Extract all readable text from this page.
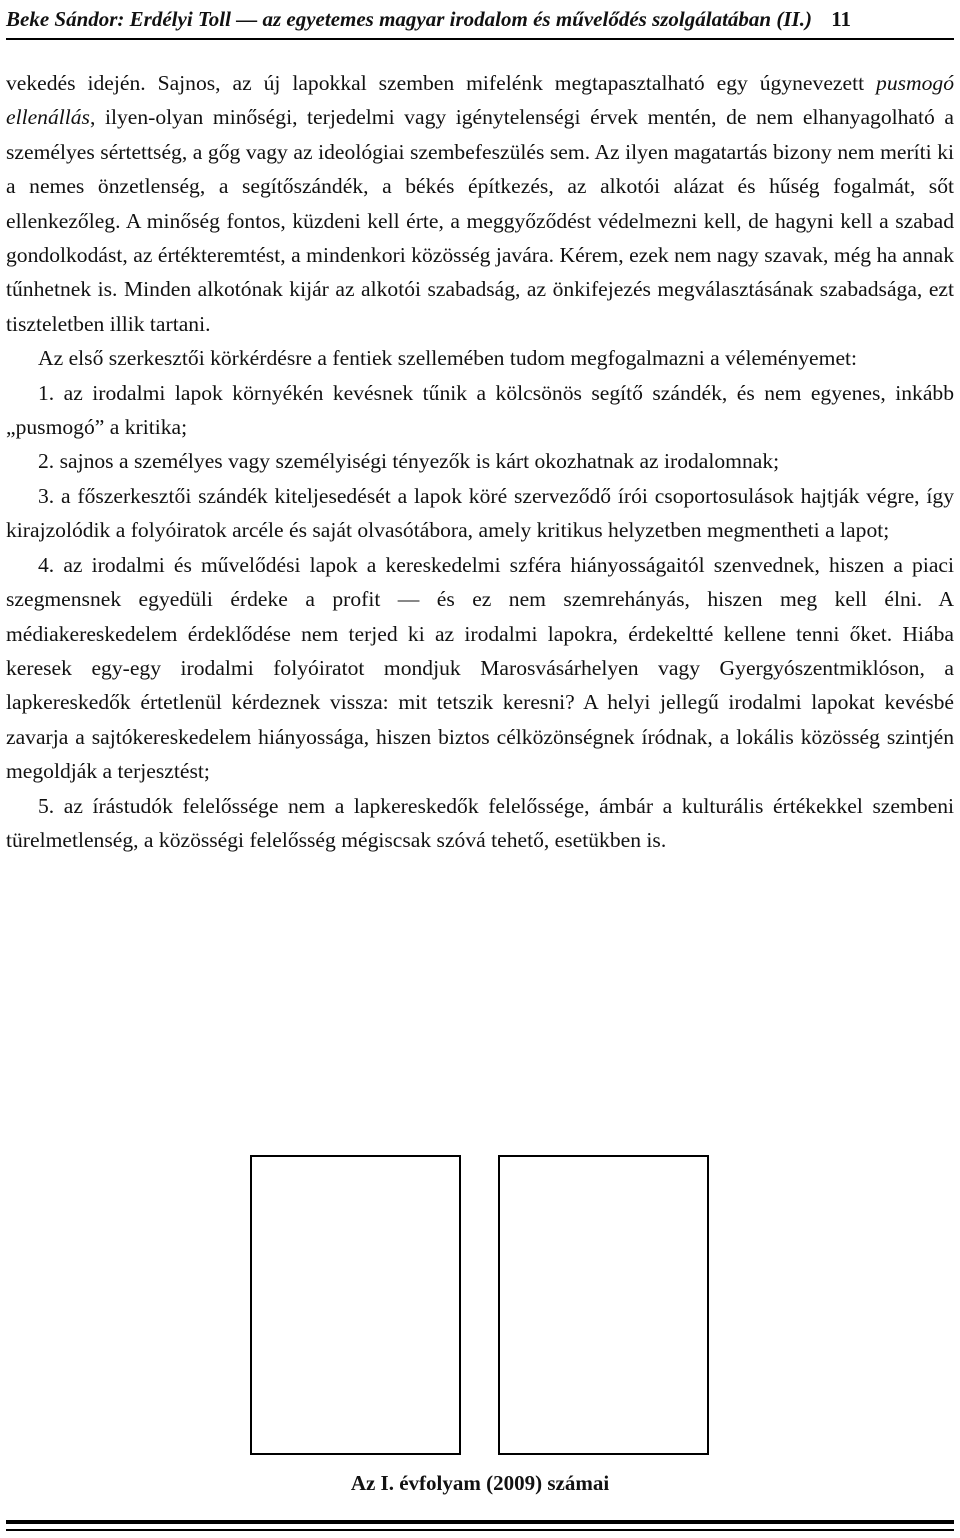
Beke Sándor: Erdélyi Toll — az egyetemes magyar irodalom és művelődés szolgálatában (II.) 11

vekedés idején. Sajnos, az új lapokkal szemben mifelénk megtapasztalható egy úgynevezett pusmogó ellenállás, ilyen-olyan minőségi, terjedelmi vagy igénytelenségi érvek mentén, de nem elhanyagolható a személyes sértettség, a gőg vagy az ideológiai szembefeszülés sem. Az ilyen magatartás bizony nem meríti ki a nemes önzetlenség, a segítőszándék, a békés építkezés, az alkotói alázat és hűség fogalmát, sőt ellenkezőleg. A minőség fontos, küzdeni kell érte, a meggyőződést védelmezni kell, de hagyni kell a szabad gondolkodást, az értékteremtést, a mindenkori közösség javára. Kérem, ezek nem nagy szavak, még ha annak tűnhetnek is. Minden alkotónak kijár az alkotói szabadság, az önkifejezés megválasztásának szabadsága, ezt tiszteletben illik tartani.

Az első szerkesztői körkérdésre a fentiek szellemében tudom megfogalmazni a véleményemet:

1. az irodalmi lapok környékén kevésnek tűnik a kölcsönös segítő szándék, és nem egyenes, inkább „pusmogó” a kritika;

2. sajnos a személyes vagy személyiségi tényezők is kárt okozhatnak az irodalomnak;

3. a főszerkesztői szándék kiteljesedését a lapok köré szerveződő írói csoportosulások hajtják végre, így kirajzolódik a folyóiratok arcéle és saját olvasótábora, amely kritikus helyzetben megmentheti a lapot;

4. az irodalmi és művelődési lapok a kereskedelmi szféra hiányosságaitól szenvednek, hiszen a piaci szegmensnek egyedüli érdeke a profit — és ez nem szemrehányás, hiszen meg kell élni. A médiakereskedelem érdeklődése nem terjed ki az irodalmi lapokra, érdekeltté kellene tenni őket. Hiába keresek egy-egy irodalmi folyóiratot mondjuk Marosvásárhelyen vagy Gyergyószentmiklóson, a lapkereskedők értetlenül kérdeznek vissza: mit tetszik keresni? A helyi jellegű irodalmi lapokat kevésbé zavarja a sajtókereskedelem hiányossága, hiszen biztos célközönségnek íródnak, a lokális közösség szintjén megoldják a terjesztést;

5. az írástudók felelőssége nem a lapkereskedők felelőssége, ámbár a kulturális értékekkel szembeni türelmetlenség, a közösségi felelősség mégiscsak szóvá tehető, esetükben is.

Az I. évfolyam (2009) számai
